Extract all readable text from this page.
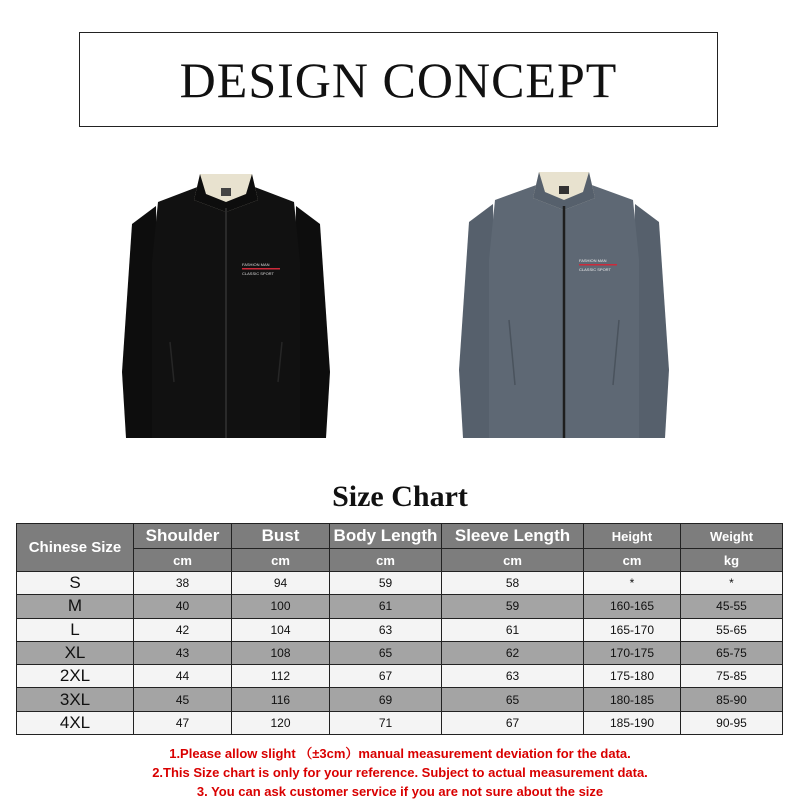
DESIGN CONCEPT
FASHION MAN
CLASSIC SPORT
FASHION MAN
CLASSIC SPORT
Size Chart
Chinese Size	Shoulder	Bust	Body Length	Sleeve Length	Height	Weight
	cm	cm	cm	cm	cm	kg
S	38	94	59	58	*	*
M	40	100	61	59	160-165	45-55
L	42	104	63	61	165-170	55-65
XL	43	108	65	62	170-175	65-75
2XL	44	112	67	63	175-180	75-85
3XL	45	116	69	65	180-185	85-90
4XL	47	120	71	67	185-190	90-95
1.Please allow slight （±3cm）manual measurement deviation for the data.
2.This Size chart is only for your reference. Subject to actual measurement data.
3. You can ask customer service if you are not sure about the size
